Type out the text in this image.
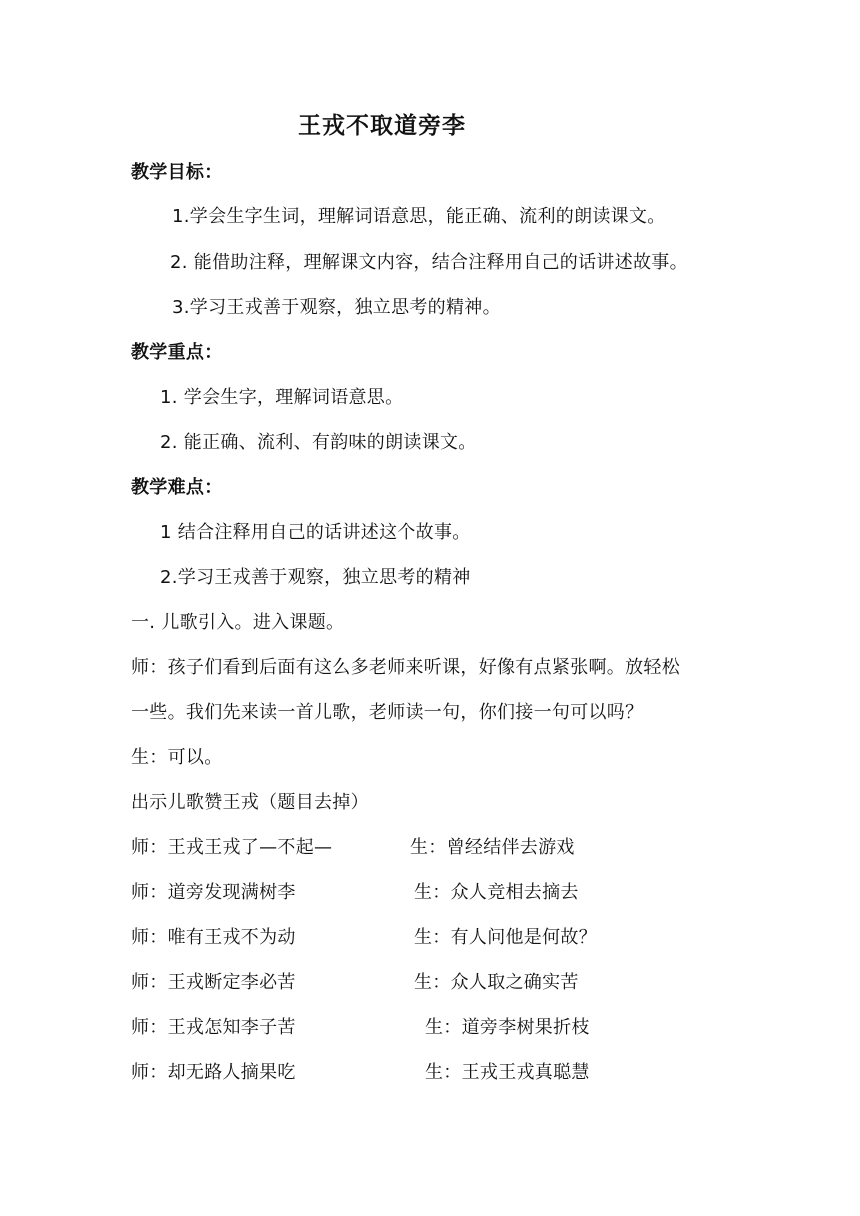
王戎不取道旁李
教学目标：
1.学会生字生词，理解词语意思，能正确、流利的朗读课文。
2. 能借助注释，理解课文内容，结合注释用自己的话讲述故事。
3.学习王戎善于观察，独立思考的精神。
教学重点：
1. 学会生字，理解词语意思。
2. 能正确、流利、有韵味的朗读课文。
教学难点：
1 结合注释用自己的话讲述这个故事。
2.学习王戎善于观察，独立思考的精神
一. 儿歌引入。进入课题。
师：孩子们看到后面有这么多老师来听课，好像有点紧张啊。放轻松
一些。我们先来读一首儿歌，老师读一句，你们接一句可以吗？
生：可以。
出示儿歌赞王戎（题目去掉）
师：王戎王戎了—不起—	生：曾经结伴去游戏
师：道旁发现满树李	生：众人竞相去摘去
师：唯有王戎不为动	生：有人问他是何故？
师：王戎断定李必苦	生：众人取之确实苦
师：王戎怎知李子苦	生：道旁李树果折枝
师：却无路人摘果吃	生：王戎王戎真聪慧
